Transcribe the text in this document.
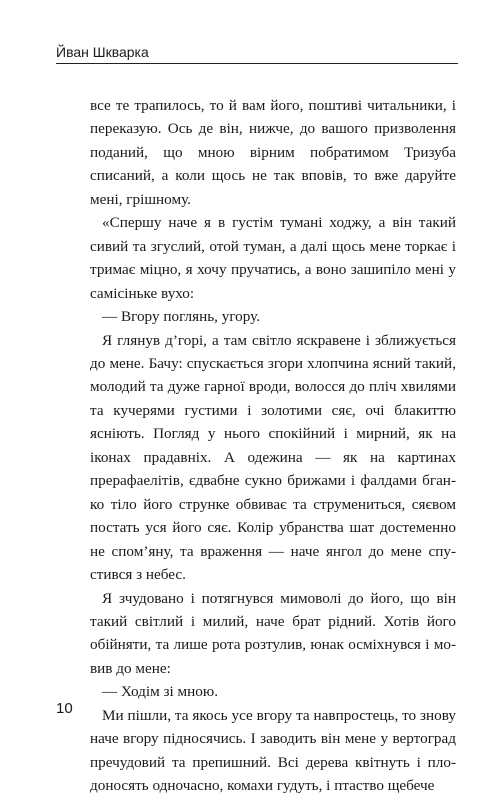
Йван Шкварка

все те трапилось, то й вам його, поштиві читальники, і переказую. Ось де він, нижче, до вашого призволення поданий, що мною вірним побратимом Тризуба списаний, а коли щось не так вповів, то вже даруйте мені, грішному.

«Спершу наче я в густім тумані ходжу, а він такий сивий та згуслий, отой туман, а далі щось мене торкає і тримає міцно, я хочу пручатись, а воно зашипіло мені у самісіньке вухо:

— Вгору поглянь, угору.

Я глянув д’горі, а там світло яскравене і зближується до мене. Бачу: спускається згори хлопчина ясний такий, молодий та дуже гарної вроди, волосся до пліч хвилями та кучерями густими і золотими сяє, очі блакиттю ясніють. Погляд у нього спокійний і мирний, як на іконах прадавніх. А одежина — як на картинах прерафаелітів, єдвабне сукно брижами і фалдами бганко тіло його струнке обвиває та струмениться, сяєвом постать уся його сяє. Колір убранства шат достеменно не спом’яну, та враження — наче янгол до мене спустився з небес.

Я зчудовано і потягнувся мимоволі до його, що він такий світлий і милий, наче брат рідний. Хотів його обійняти, та лише рота розтулив, юнак осміхнувся і мовив до мене:

— Ходім зі мною.

Ми пішли, та якось усе вгору та навпростець, то знову наче вгору підносячись. І заводить він мене у вертоград пречудовий та препишний. Всі дерева квітнуть і плодоносять одночасно, комахи гудуть, і птаство щебече

10
